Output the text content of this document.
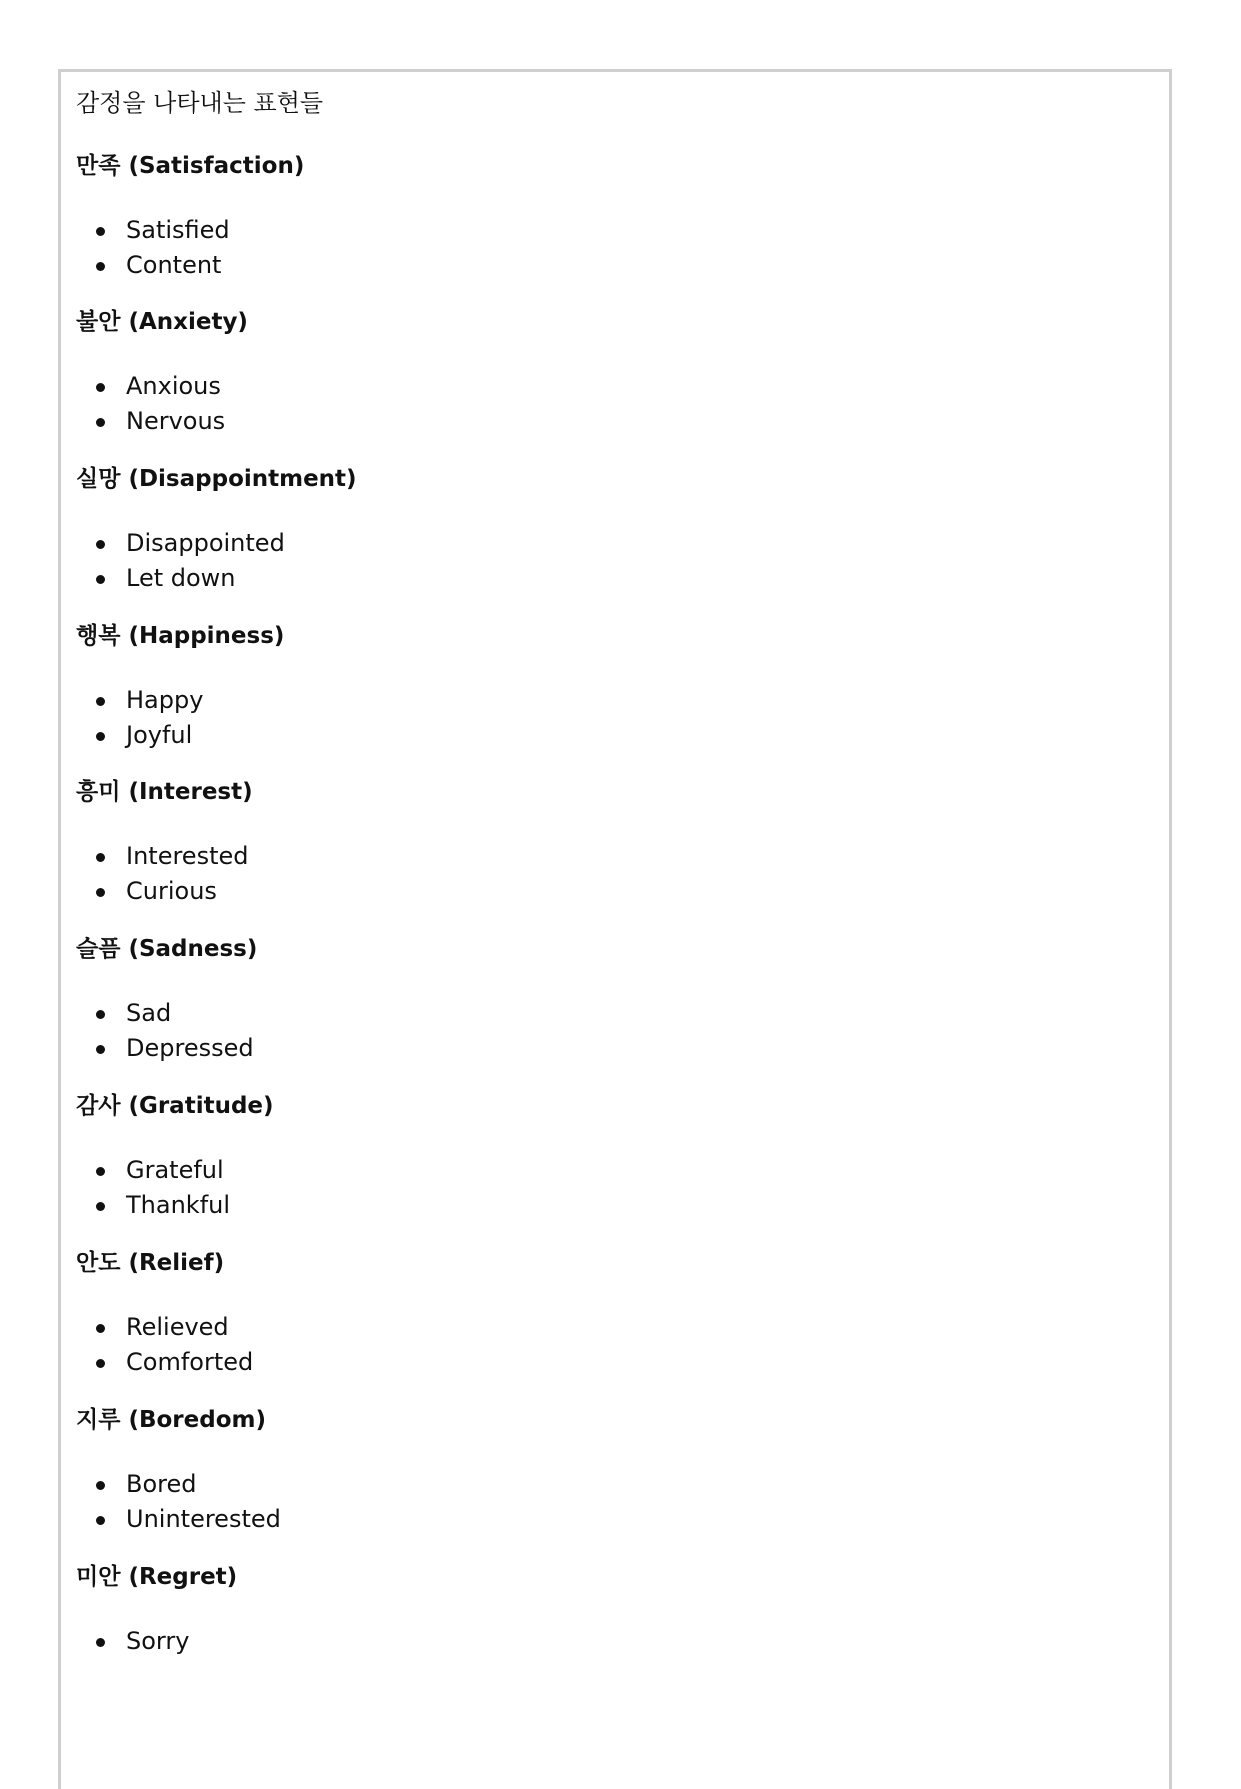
감정을 나타내는 표현들
만족 (Satisfaction)
Satisfied
Content
불안 (Anxiety)
Anxious
Nervous
실망 (Disappointment)
Disappointed
Let down
행복 (Happiness)
Happy
Joyful
흥미 (Interest)
Interested
Curious
슬픔 (Sadness)
Sad
Depressed
감사 (Gratitude)
Grateful
Thankful
안도 (Relief)
Relieved
Comforted
지루 (Boredom)
Bored
Uninterested
미안 (Regret)
Sorry
